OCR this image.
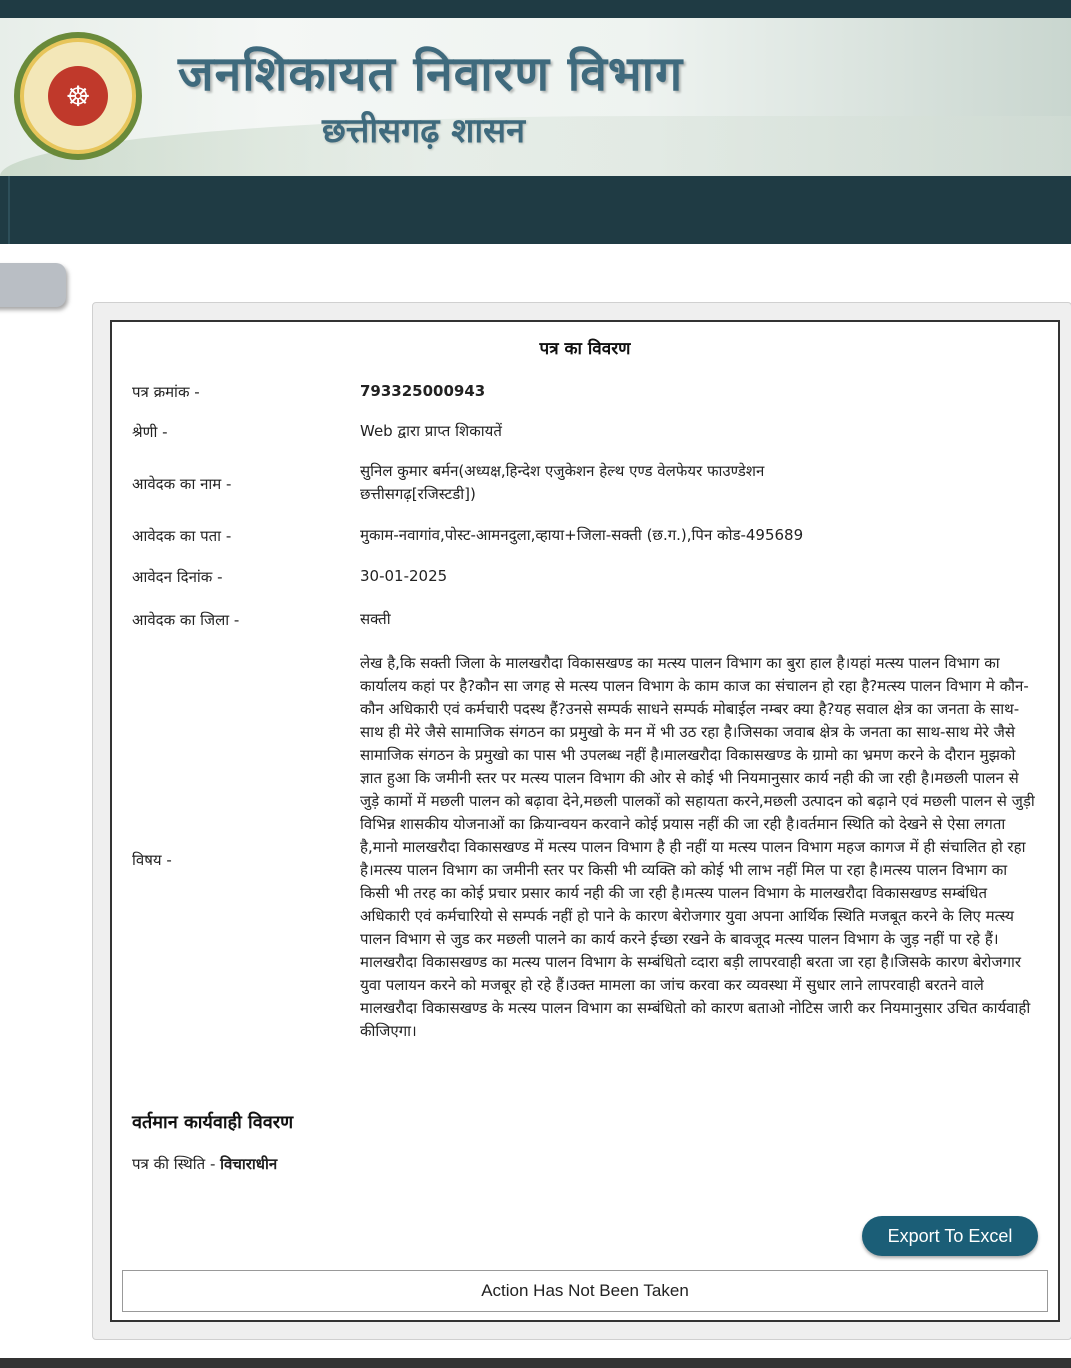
☸	जनशिकायत निवारण विभाग
छत्तीसगढ़ शासन
पत्र का विवरण
पत्र क्रमांक -	793325000943
श्रेणी -	Web द्वारा प्राप्त शिकायतें
आवेदक का नाम -
सुनिल कुमार बर्मन(अध्यक्ष,हिन्देश एजुकेशन हेल्थ एण्ड वेलफेयर फाउण्डेशन छत्तीसगढ़[रजिस्टडी])
आवेदक का पता -	मुकाम-नवागांव,पोस्ट-आमनदुला,व्हाया+जिला-सक्ती (छ.ग.),पिन कोड-495689
आवेदन दिनांक -	30-01-2025
आवेदक का जिला -	सक्ती
विषय -
लेख है,कि सक्ती जिला के मालखरौदा विकासखण्ड का मत्स्य पालन विभाग का बुरा हाल है।यहां मत्स्य पालन विभाग का कार्यालय कहां पर है?कौन सा जगह से मत्स्य पालन विभाग के काम काज का संचालन हो रहा है?मत्स्य पालन विभाग मे कौन-कौन अधिकारी एवं कर्मचारी पदस्थ हैं?उनसे सम्पर्क साधने सम्पर्क मोबाईल नम्बर क्या है?यह सवाल क्षेत्र का जनता के साथ-साथ ही मेरे जैसे सामाजिक संगठन का प्रमुखो के मन में भी उठ रहा है।जिसका जवाब क्षेत्र के जनता का साथ-साथ मेरे जैसे सामाजिक संगठन के प्रमुखो का पास भी उपलब्ध नहीं है।मालखरौदा विकासखण्ड के ग्रामो का भ्रमण करने के दौरान मुझको ज्ञात हुआ कि जमीनी स्तर पर मत्स्य पालन विभाग की ओर से कोई भी नियमानुसार कार्य नही की जा रही है।मछली पालन से जुड़े कामों में मछली पालन को बढ़ावा देने,मछली पालकों को सहायता करने,मछली उत्पादन को बढ़ाने एवं मछली पालन से जुड़ी विभिन्न शासकीय योजनाओं का क्रियान्वयन करवाने कोई प्रयास नहीं की जा रही है।वर्तमान स्थिति को देखने से ऐसा लगता है,मानो मालखरौदा विकासखण्ड में मत्स्य पालन विभाग है ही नहीं या मत्स्य पालन विभाग महज कागज में ही संचालित हो रहा है।मत्स्य पालन विभाग का जमीनी स्तर पर किसी भी व्यक्ति को कोई भी लाभ नहीं मिल पा रहा है।मत्स्य पालन विभाग का किसी भी तरह का कोई प्रचार प्रसार कार्य नही की जा रही है।मत्स्य पालन विभाग के मालखरौदा विकासखण्ड सम्बंधित अधिकारी एवं कर्मचारियो से सम्पर्क नहीं हो पाने के कारण बेरोजगार युवा अपना आर्थिक स्थिति मजबूत करने के लिए मत्स्य पालन विभाग से जुड कर मछली पालने का कार्य करने ईच्छा रखने के बावजूद मत्स्य पालन विभाग के जुड़ नहीं पा रहे हैं।मालखरौदा विकासखण्ड का मत्स्य पालन विभाग के सम्बंधितो व्दारा बड़ी लापरवाही बरता जा रहा है।जिसके कारण बेरोजगार युवा पलायन करने को मजबूर हो रहे हैं।उक्त मामला का जांच करवा कर व्यवस्था में सुधार लाने लापरवाही बरतने वाले मालखरौदा विकासखण्ड के मत्स्य पालन विभाग का सम्बंधितो को कारण बताओ नोटिस जारी कर नियमानुसार उचित कार्यवाही कीजिएगा।
वर्तमान कार्यवाही विवरण
पत्र की स्थिति - विचाराधीन
Export To Excel
Action Has Not Been Taken
